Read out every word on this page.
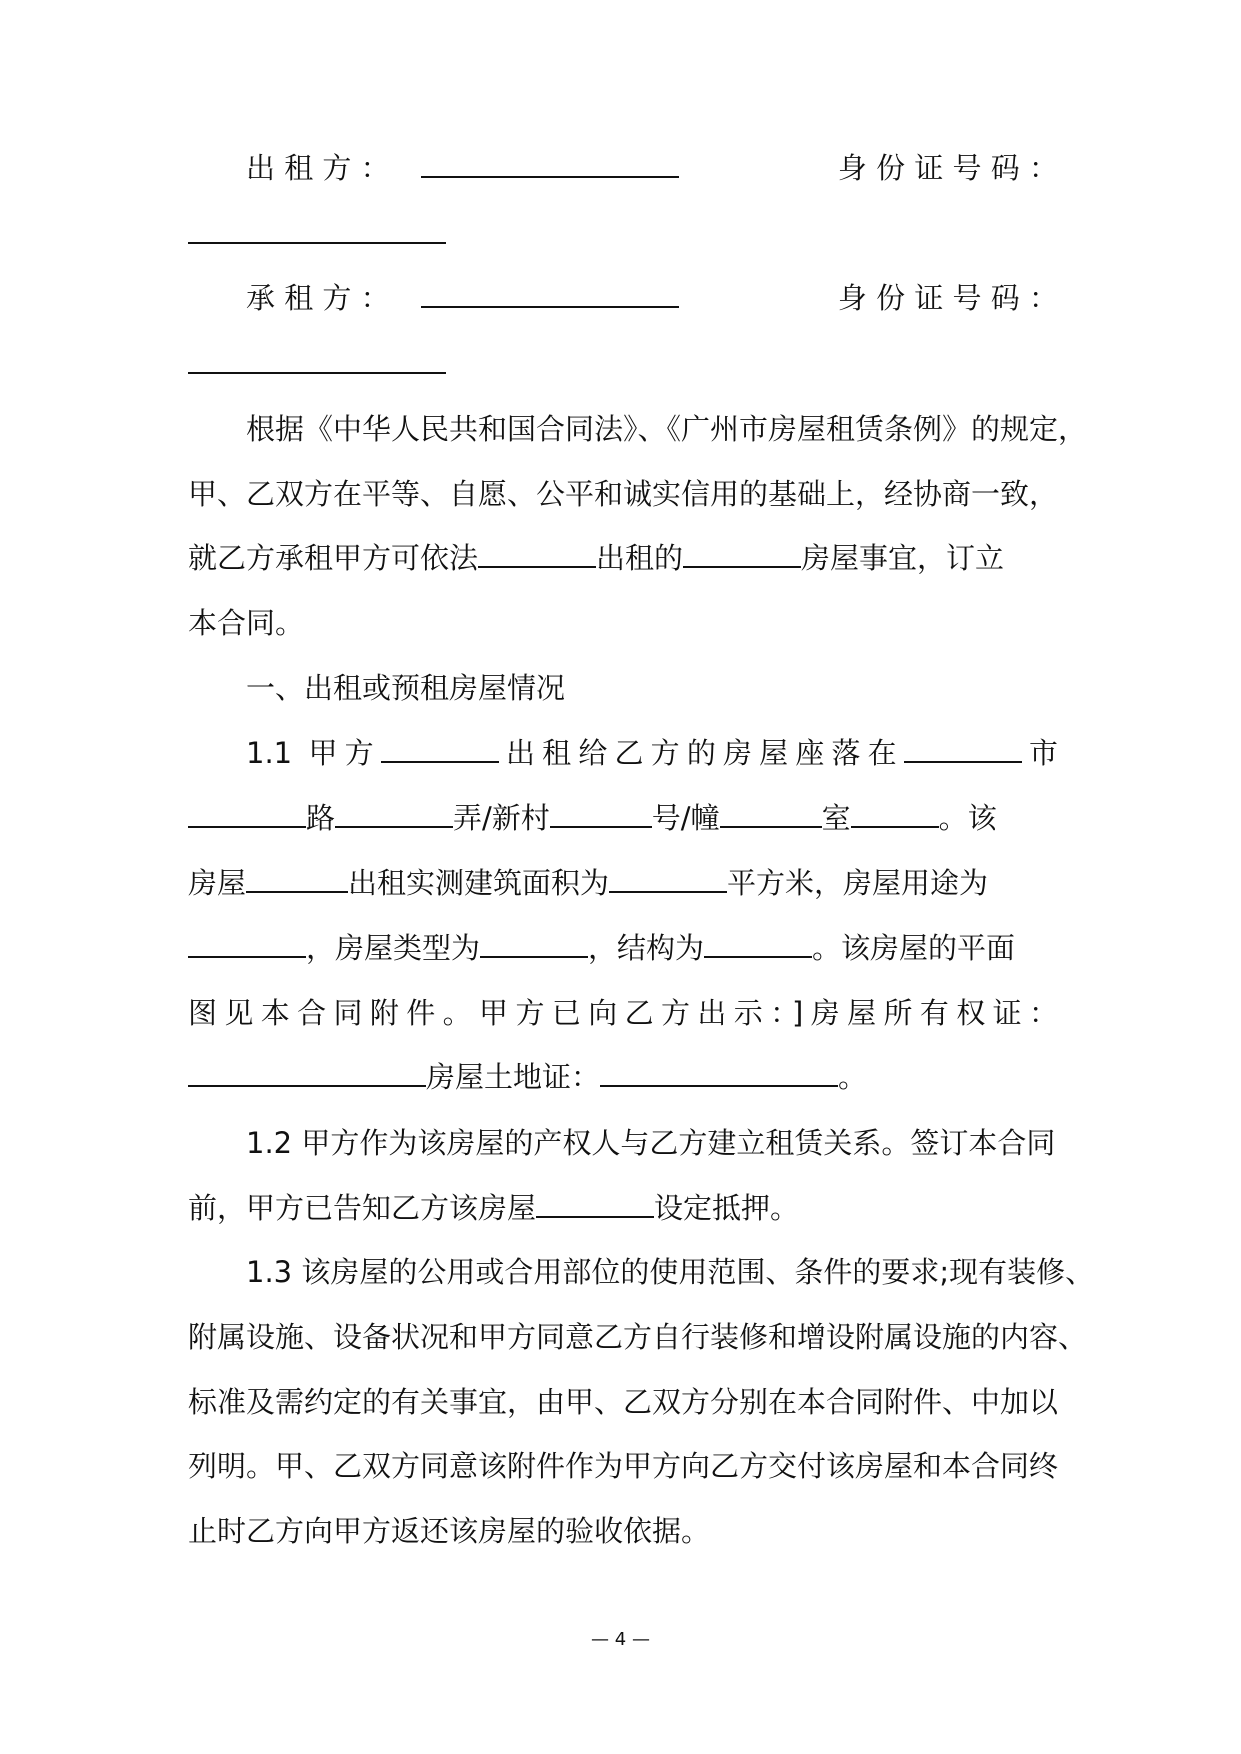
出 租 方 ：	身 份 证 号 码 ：
承 租 方 ：	身 份 证 号 码 ：
根据《中华人民共和国合同法》、《广州市房屋租赁条例》的规定，
甲、乙双方在平等、自愿、公平和诚实信用的基础上，经协商一致，
就乙方承租甲方可依法	出租的	房屋事宜，订立
本合同。
一、出租或预租房屋情况
1.1 甲方	出租给乙方的房屋座落在	市
路	弄/新村	号/幢	室	。该
房屋	出租实测建筑面积为	平方米，房屋用途为
，房屋类型为	，结构为	。该房屋的平面
图见本合同附件。甲方已向乙方出示：]房屋所有权证：
房屋土地证：	。
1.2 甲方作为该房屋的产权人与乙方建立租赁关系。签订本合同
前，甲方已告知乙方该房屋	设定抵押。
1.3 该房屋的公用或合用部位的使用范围、条件的要求;现有装修、
附属设施、设备状况和甲方同意乙方自行装修和增设附属设施的内容、
标准及需约定的有关事宜，由甲、乙双方分别在本合同附件、中加以
列明。甲、乙双方同意该附件作为甲方向乙方交付该房屋和本合同终
止时乙方向甲方返还该房屋的验收依据。
— 4 —
